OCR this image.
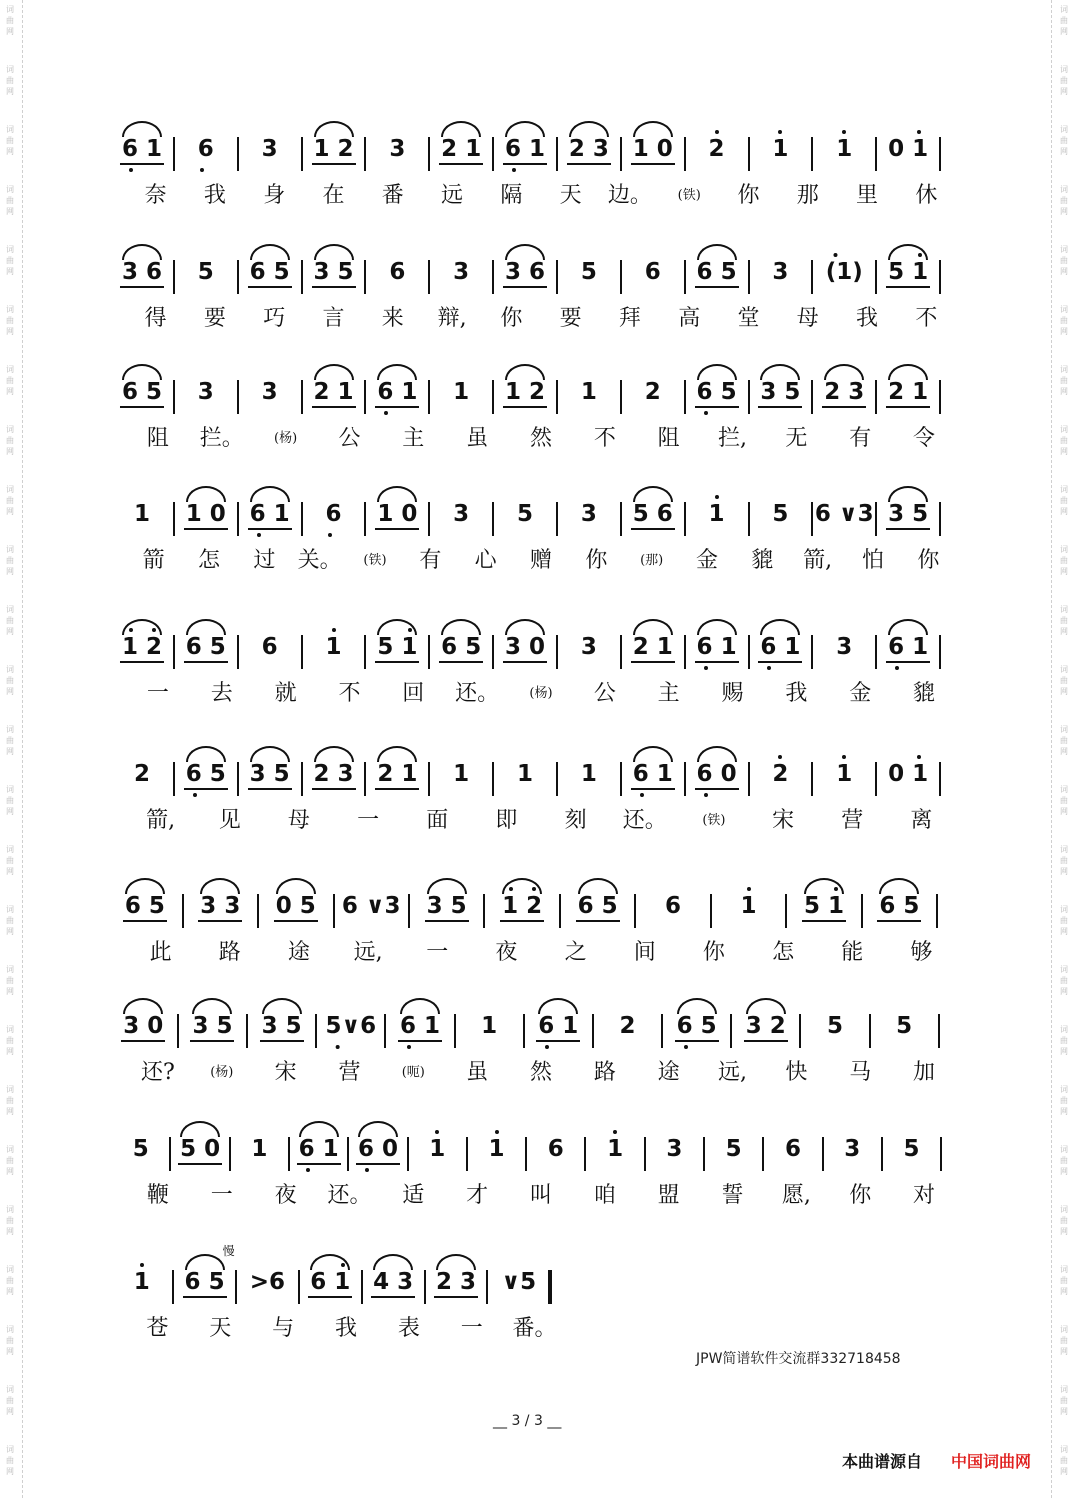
词
曲
网
词
曲
网
词
曲
网
词
曲
网
词
曲
网
词
曲
网
词
曲
网
词
曲
网
词
曲
网
词
曲
网
词
曲
网
词
曲
网
词
曲
网
词
曲
网
词
曲
网
词
曲
网
词
曲
网
词
曲
网
词
曲
网
词
曲
网
词
曲
网
词
曲
网
词
曲
网
词
曲
网
词
曲
网
词
曲
网
词
曲
网
词
曲
网
词
曲
网
词
曲
网
词
曲
网
词
曲
网
词
曲
网
词
曲
网
词
曲
网
词
曲
网
词
曲
网
词
曲
网
词
曲
网
词
曲
网
词
曲
网
词
曲
网
词
曲
网
词
曲
网
词
曲
网
词
曲
网
词
曲
网
词
曲
网
词
曲
网
词
曲
网
6 1 6 3 1 2 3 2 1 6 1 2 3 1 0 2 1 1 0 1
奈 我 身 在 番 远 隔 天 边。 (铁) 你 那 里 休
3 6 5 6 5 3 5 6 3 3 6 5 6 6 5 3 (1) 5 1
得 要 巧 言 来 辩, 你 要 拜 高 堂 母 我 不
6 5 3 3 2 1 6 1 1 1 2 1 2 6 5 3 5 2 3 2 1
阻 拦。 (杨) 公 主 虽 然 不 阻 拦, 无 有 令
1 1 0 6 1 6 1 0 3 5 3 5 6 1 5 6 ∨3 3 5
箭 怎 过 关。 (铁) 有 心 赠 你	(那) 金 貔 箭, 怕 你
1 2 6 5 6 1 5 1 6 5 3 0 3 2 1 6 1 6 1 3 6 1
一 去 就 不 回 还。 (杨) 公 主 赐 我 金 貔
2 6 5 3 5 2 3 2 1 1 1 1 6 1 6 0 2 1 0 1
箭, 见 母 一 面 即 刻 还。	(铁) 宋 营 离
6 5 3 3 0 5 6 ∨3 3 5 1 2 6 5 6	1 5 1 6 5
此 路 途 远, 一 夜 之 间 你 怎 能 够
3 0 3 5 3 5 5∨6 6 1 1 6 1 2 6 5 3 2 5 5
还?	(杨) 宋 营	(呃) 虽 然 路 途 远, 快 马 加
5 5 0 1 6 1 6 0 1 1 6 1 3 5 6 3 5
鞭 一 夜 还。 适 才 叫 咱 盟 誓 愿, 你 对
1 6 5 >6 6 1 4 3 2 3 ∨5
慢
苍 天 与 我 表 一 番。
JPW简谱软件交流群332718458
__ 3 / 3 __
本曲谱源自 中国词曲网
